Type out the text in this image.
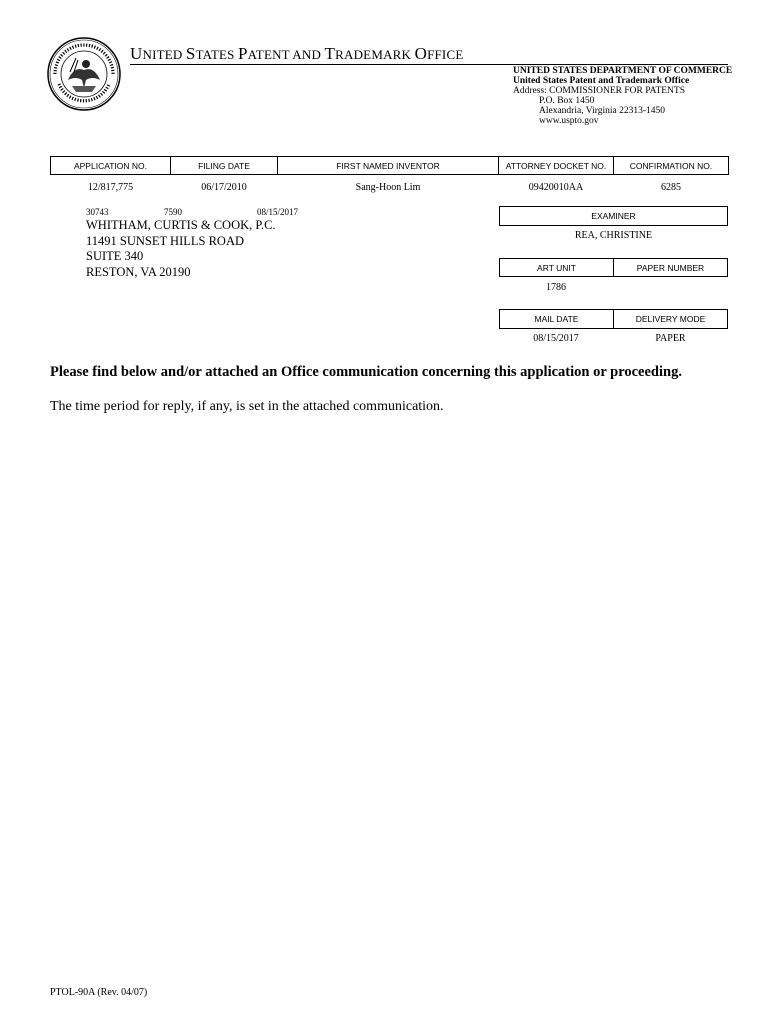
UNITED STATES PATENT AND TRADEMARK OFFICE
UNITED STATES DEPARTMENT OF COMMERCE
United States Patent and Trademark Office
Address: COMMISSIONER FOR PATENTS
P.O. Box 1450
Alexandria, Virginia 22313-1450
www.uspto.gov
APPLICATION NO.	FILING DATE	FIRST NAMED INVENTOR	ATTORNEY DOCKET NO.	CONFIRMATION NO.
12/817,775	06/17/2010	Sang-Hoon Lim	09420010AA	6285
30743	7590	08/15/2017
WHITHAM, CURTIS & COOK, P.C.
11491 SUNSET HILLS ROAD
SUITE 340
RESTON, VA 20190
EXAMINER
REA, CHRISTINE
ART UNIT	PAPER NUMBER
1786
MAIL DATE	DELIVERY MODE
08/15/2017	PAPER
Please find below and/or attached an Office communication concerning this application or proceeding.
The time period for reply, if any, is set in the attached communication.
PTOL-90A (Rev. 04/07)
